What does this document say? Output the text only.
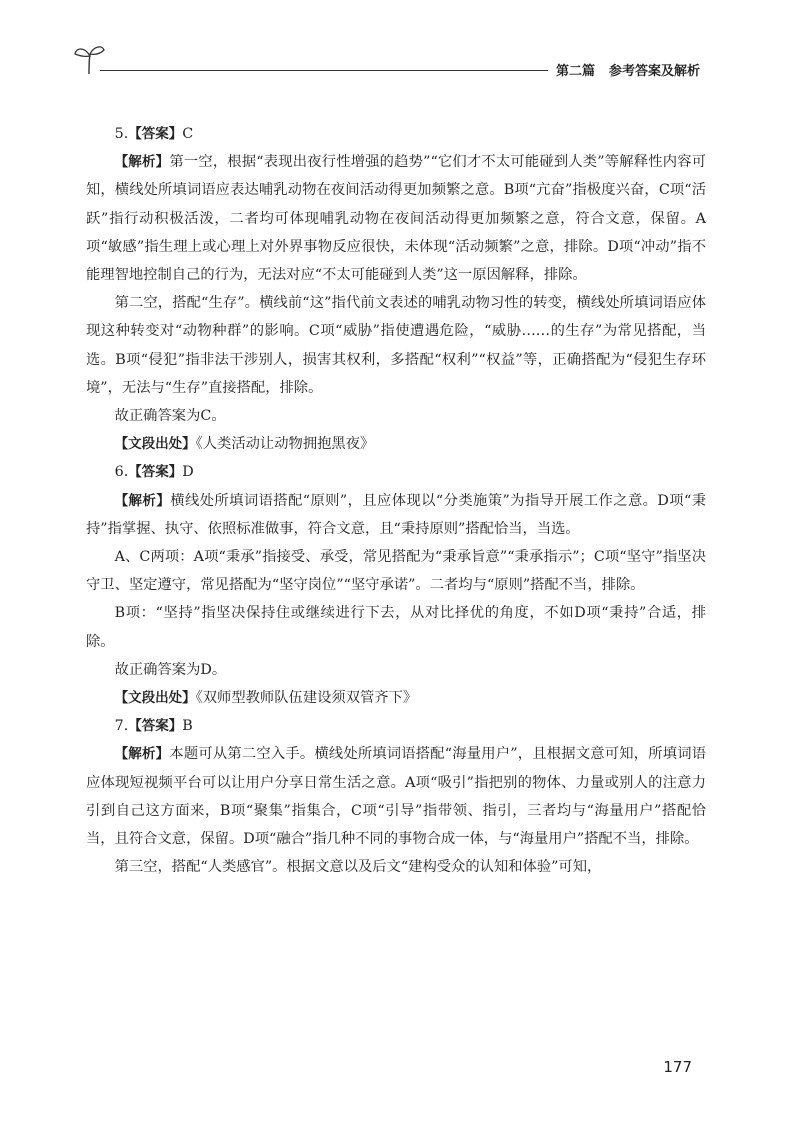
第二篇 参考答案及解析

5.【答案】C

【解析】第一空，根据“表现出夜行性增强的趋势”“它们才不太可能碰到人类”等解释性内容可知，横线处所填词语应表达哺乳动物在夜间活动得更加频繁之意。B项“亢奋”指极度兴奋，C项“活跃”指行动积极活泼，二者均可体现哺乳动物在夜间活动得更加频繁之意，符合文意，保留。A项“敏感”指生理上或心理上对外界事物反应很快，未体现“活动频繁”之意，排除。D项“冲动”指不能理智地控制自己的行为，无法对应“不太可能碰到人类”这一原因解释，排除。

第二空，搭配“生存”。横线前“这”指代前文表述的哺乳动物习性的转变，横线处所填词语应体现这种转变对“动物种群”的影响。C项“威胁”指使遭遇危险，“威胁……的生存”为常见搭配，当选。B项“侵犯”指非法干涉别人，损害其权利，多搭配“权利”“权益”等，正确搭配为“侵犯生存环境”，无法与“生存”直接搭配，排除。

故正确答案为C。

【文段出处】《人类活动让动物拥抱黑夜》

6.【答案】D

【解析】横线处所填词语搭配“原则”，且应体现以“分类施策”为指导开展工作之意。D项“秉持”指掌握、执守、依照标准做事，符合文意，且“秉持原则”搭配恰当，当选。

A、C两项：A项“秉承”指接受、承受，常见搭配为“秉承旨意”“秉承指示”；C项“坚守”指坚决守卫、坚定遵守，常见搭配为“坚守岗位”“坚守承诺”。二者均与“原则”搭配不当，排除。

B项：“坚持”指坚决保持住或继续进行下去，从对比择优的角度，不如D项“秉持”合适，排除。

故正确答案为D。

【文段出处】《双师型教师队伍建设须双管齐下》

7.【答案】B

【解析】本题可从第二空入手。横线处所填词语搭配“海量用户”，且根据文意可知，所填词语应体现短视频平台可以让用户分享日常生活之意。A项“吸引”指把别的物体、力量或别人的注意力引到自己这方面来，B项“聚集”指集合，C项“引导”指带领、指引，三者均与“海量用户”搭配恰当，且符合文意，保留。D项“融合”指几种不同的事物合成一体，与“海量用户”搭配不当，排除。

第三空，搭配“人类感官”。根据文意以及后文“建构受众的认知和体验”可知，

177
